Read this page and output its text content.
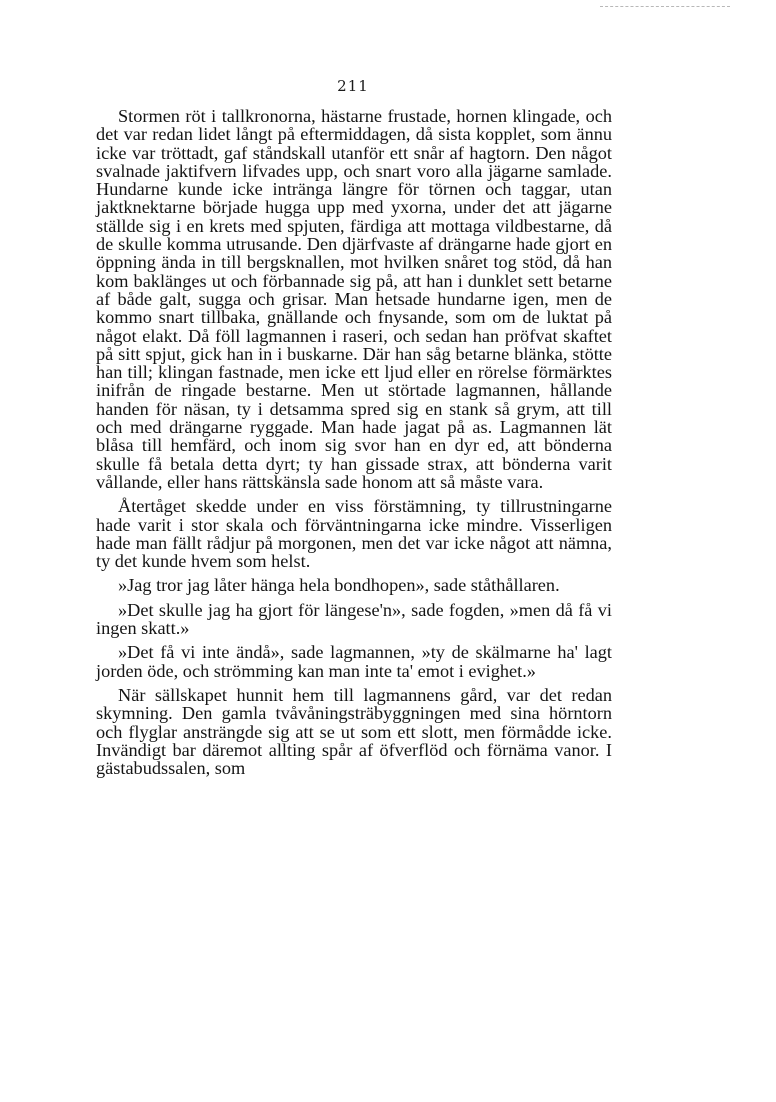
211

Stormen röt i tallkronorna, hästarne frustade, hornen klingade, och det var redan lidet långt på eftermiddagen, då sista kopplet, som ännu icke var tröttadt, gaf ståndskall utanför ett snår af hagtorn. Den något svalnade jaktifvern lifvades upp, och snart voro alla jägarne samlade. Hundarne kunde icke intränga längre för törnen och taggar, utan jaktknektarne började hugga upp med yxorna, under det att jägarne ställde sig i en krets med spjuten, färdiga att mottaga vildbestarne, då de skulle komma utrusande. Den djärfvaste af drängarne hade gjort en öppning ända in till bergsknallen, mot hvilken snåret tog stöd, då han kom baklänges ut och förbannade sig på, att han i dunklet sett betarne af både galt, sugga och grisar. Man hetsade hundarne igen, men de kommo snart tillbaka, gnällande och fnysande, som om de luktat på något elakt. Då föll lagmannen i raseri, och sedan han pröfvat skaftet på sitt spjut, gick han in i buskarne. Där han såg betarne blänka, stötte han till; klingan fastnade, men icke ett ljud eller en rörelse förmärktes inifrån de ringade bestarne. Men ut störtade lagmannen, hållande handen för näsan, ty i detsamma spred sig en stank så grym, att till och med drängarne ryggade. Man hade jagat på as. Lagmannen lät blåsa till hemfärd, och inom sig svor han en dyr ed, att bönderna skulle få betala detta dyrt; ty han gissade strax, att bönderna varit vållande, eller hans rättskänsla sade honom att så måste vara.

Återtåget skedde under en viss förstämning, ty tillrustningarne hade varit i stor skala och förväntningarna icke mindre. Visserligen hade man fällt rådjur på morgonen, men det var icke något att nämna, ty det kunde hvem som helst.

»Jag tror jag låter hänga hela bondhopen», sade ståthållaren.

»Det skulle jag ha gjort för längese'n», sade fogden, »men då få vi ingen skatt.»

»Det få vi inte ändå», sade lagmannen, »ty de skälmarne ha' lagt jorden öde, och strömming kan man inte ta' emot i evighet.»

När sällskapet hunnit hem till lagmannens gård, var det redan skymning. Den gamla tvåvåningsträbyggningen med sina hörntorn och flyglar ansträngde sig att se ut som ett slott, men förmådde icke. Invändigt bar däremot allting spår af öfverflöd och förnäma vanor. I gästabudssalen, som
